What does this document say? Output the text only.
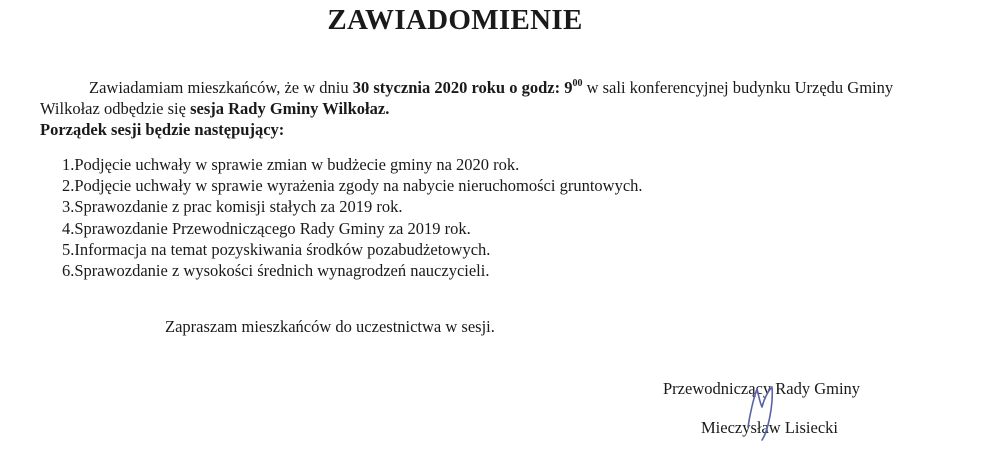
ZAWIADOMIENIE
Zawiadamiam mieszkańców, że w dniu 30 stycznia 2020 roku o godz: $9^{00}$ w sali konferencyjnej budynku Urzędu Gminy
Wilkołaz odbędzie się sesja Rady Gminy Wilkołaz.
Porządek sesji będzie następujący:
1.Podjęcie uchwały w sprawie zmian w budżecie gminy na 2020 rok.
2.Podjęcie uchwały w sprawie wyrażenia zgody na nabycie nieruchomości gruntowych.
3.Sprawozdanie z prac komisji stałych za 2019 rok.
4.Sprawozdanie Przewodniczącego Rady Gminy za 2019 rok.
5.Informacja na temat pozyskiwania środków pozabudżetowych.
6.Sprawozdanie z wysokości średnich wynagrodzeń nauczycieli.
Zapraszam mieszkańców do uczestnictwa w sesji.
Przewodniczący Rady Gminy
Mieczysław Lisiecki
